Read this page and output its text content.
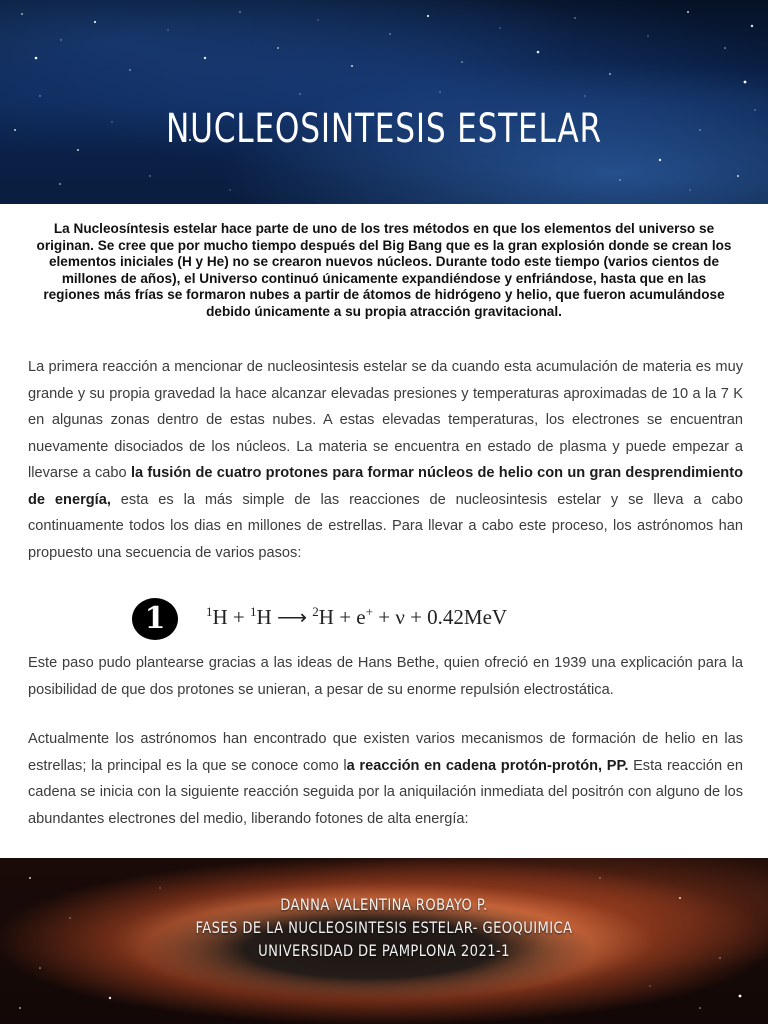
NUCLEOSINTESIS ESTELAR

La Nucleosíntesis estelar hace parte de uno de los tres métodos en que los elementos del universo se originan. Se cree que por mucho tiempo después del Big Bang que es la gran explosión donde se crean los elementos iniciales (H y He) no se crearon nuevos núcleos. Durante todo este tiempo (varios cientos de millones de años), el Universo continuó únicamente expandiéndose y enfriándose, hasta que en las regiones más frías se formaron nubes a partir de átomos de hidrógeno y helio, que fueron acumulándose debido únicamente a su propia atracción gravitacional.

La primera reacción a mencionar de nucleosintesis estelar se da cuando esta acumulación de materia es muy grande y su propia gravedad la hace alcanzar elevadas presiones y temperaturas aproximadas de 10 a la 7 K en algunas zonas dentro de estas nubes. A estas elevadas temperaturas, los electrones se encuentran nuevamente disociados de los núcleos. La materia se encuentra en estado de plasma y puede empezar a llevarse a cabo la fusión de cuatro protones para formar núcleos de helio con un gran desprendimiento de energía, esta es la más simple de las reacciones de nucleosintesis estelar y se lleva a cabo continuamente todos los dias en millones de estrellas. Para llevar a cabo este proceso, los astrónomos han propuesto una secuencia de varios pasos:

1	$^1$H + $^1$H ⟶ $^2$H + e+ + ν + 0.42MeV

Este paso pudo plantearse gracias a las ideas de Hans Bethe, quien ofreció en 1939 una explicación para la posibilidad de que dos protones se unieran, a pesar de su enorme repulsión electrostática.

Actualmente los astrónomos han encontrado que existen varios mecanismos de formación de helio en las estrellas; la principal es la que se conoce como la reacción en cadena protón-protón, PP. Esta reacción en cadena se inicia con la siguiente reacción seguida por la aniquilación inmediata del positrón con alguno de los abundantes electrones del medio, liberando fotones de alta energía:

DANNA VALENTINA ROBAYO P.
FASES DE LA NUCLEOSINTESIS ESTELAR- GEOQUIMICA
UNIVERSIDAD DE PAMPLONA 2021-1
